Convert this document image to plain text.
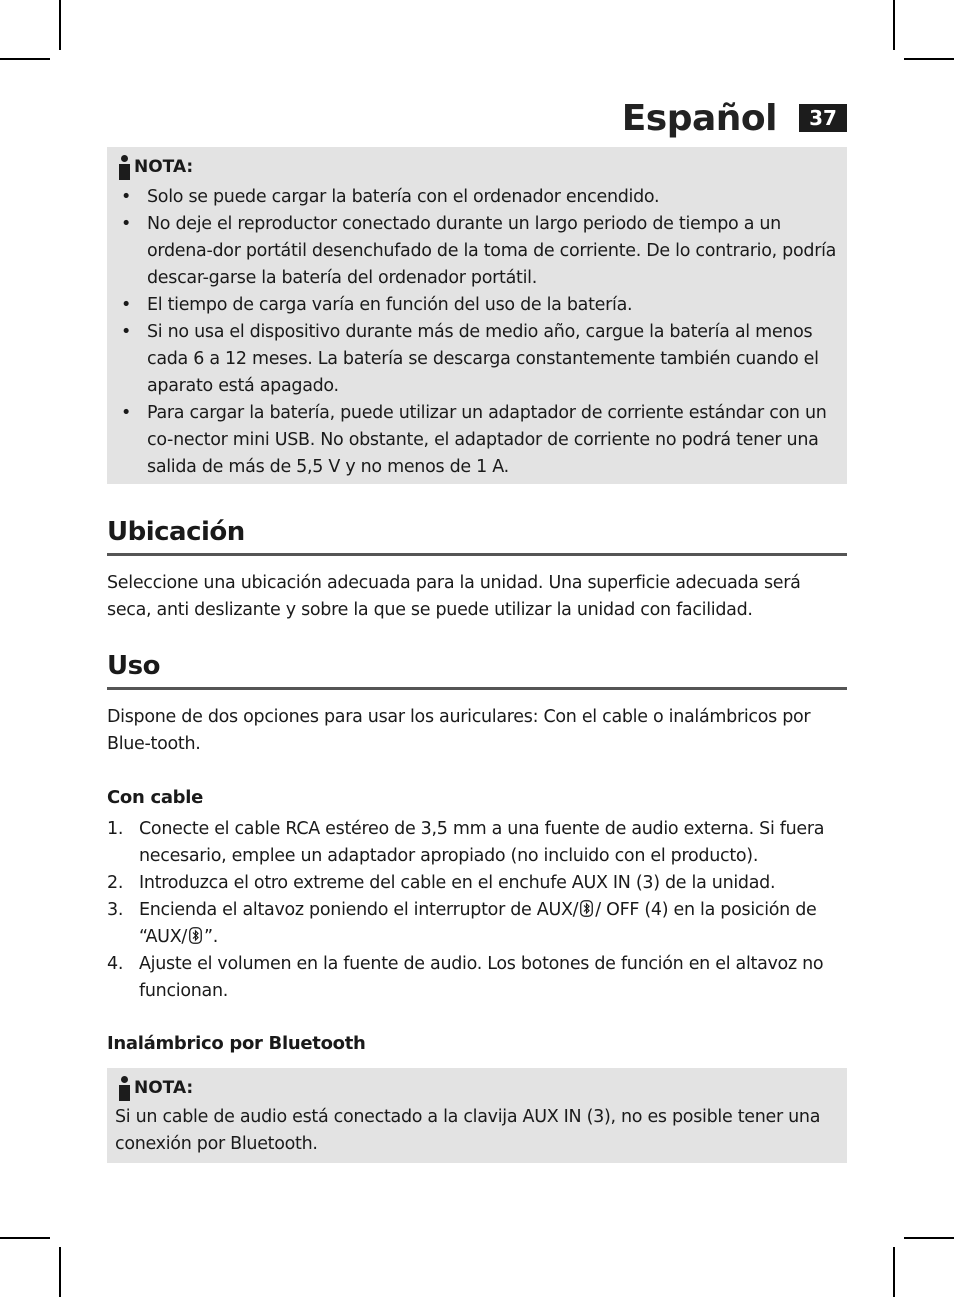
Español	37
NOTA:
• Solo se puede cargar la batería con el ordenador encendido.
• No deje el reproductor conectado durante un largo periodo de tiempo a un ordena-dor portátil desenchufado de la toma de corriente. De lo contrario, podría descar-garse la batería del ordenador portátil.
• El tiempo de carga varía en función del uso de la batería.
• Si no usa el dispositivo durante más de medio año, cargue la batería al menos cada 6 a 12 meses. La batería se descarga constantemente también cuando el aparato está apagado.
• Para cargar la batería, puede utilizar un adaptador de corriente estándar con un co-nector mini USB. No obstante, el adaptador de corriente no podrá tener una salida de más de 5,5 V y no menos de 1 A.
Ubicación

Seleccione una ubicación adecuada para la unidad. Una superficie adecuada será seca, anti deslizante y sobre la que se puede utilizar la unidad con facilidad.

Uso

Dispone de dos opciones para usar los auriculares: Con el cable o inalámbricos por Blue-tooth.

Con cable
1. Conecte el cable RCA estéreo de 3,5 mm a una fuente de audio externa. Si fuera necesario, emplee un adaptador apropiado (no incluido con el producto).
2. Introduzca el otro extreme del cable en el enchufe AUX IN (3) de la unidad.
3. Encienda el altavoz poniendo el interruptor de AUX/ / OFF (4) en la posición de “AUX/ ”.
4. Ajuste el volumen en la fuente de audio. Los botones de función en el altavoz no funcionan.
Inalámbrico por Bluetooth
NOTA:

Si un cable de audio está conectado a la clavija AUX IN (3), no es posible tener una conexión por Bluetooth.
